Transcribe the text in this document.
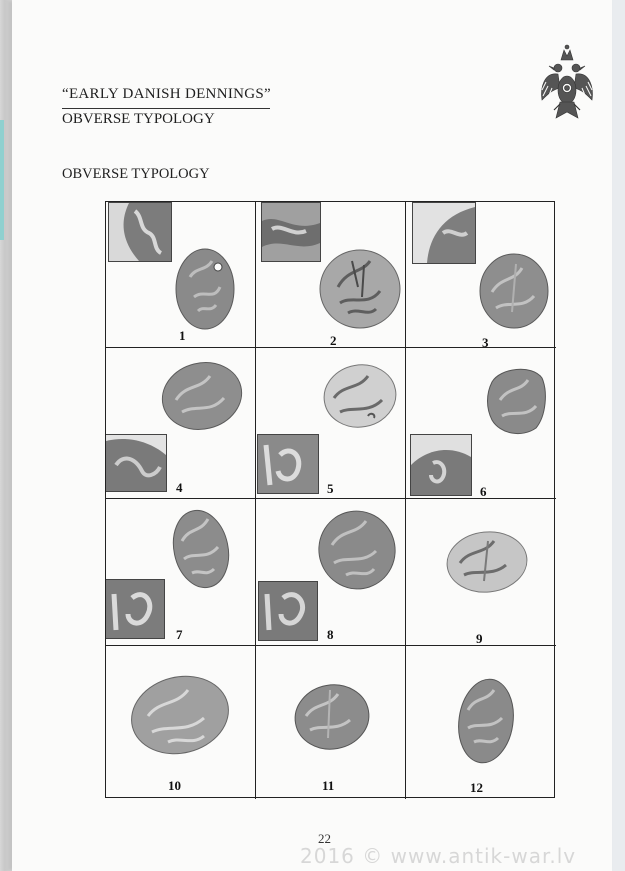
“EARLY DANISH DENNINGS”
OBVERSE TYPOLOGY
OBVERSE TYPOLOGY
1	2	3
4	5	6
7	8	9
10	11	12
22
2016 © www.antik-war.lv
